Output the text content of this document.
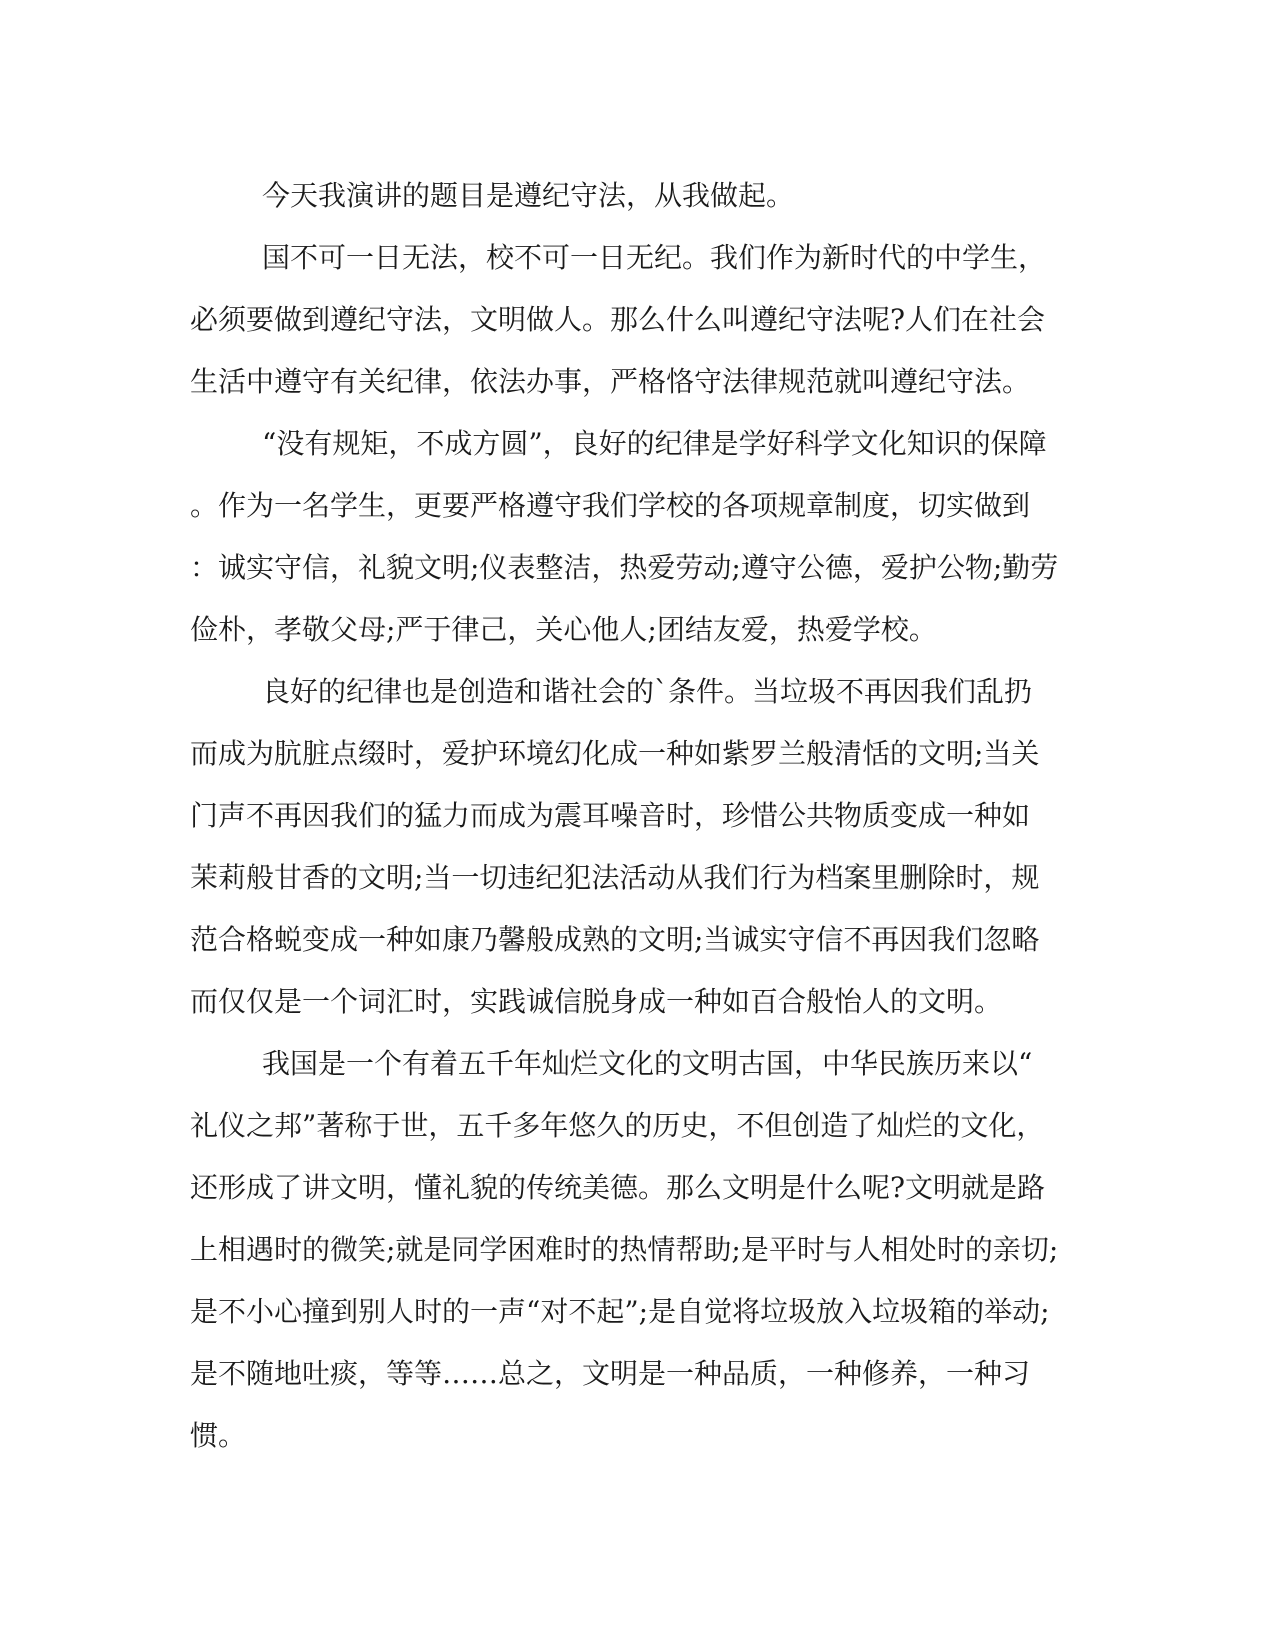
今天我演讲的题目是遵纪守法，从我做起。
国不可一日无法，校不可一日无纪。我们作为新时代的中学生，
必须要做到遵纪守法，文明做人。那么什么叫遵纪守法呢?人们在社会
生活中遵守有关纪律，依法办事，严格恪守法律规范就叫遵纪守法。
“没有规矩，不成方圆”，良好的纪律是学好科学文化知识的保障
。作为一名学生，更要严格遵守我们学校的各项规章制度，切实做到
：诚实守信，礼貌文明;仪表整洁，热爱劳动;遵守公德，爱护公物;勤劳
俭朴，孝敬父母;严于律己，关心他人;团结友爱，热爱学校。
良好的纪律也是创造和谐社会的`条件。当垃圾不再因我们乱扔
而成为肮脏点缀时，爱护环境幻化成一种如紫罗兰般清恬的文明;当关
门声不再因我们的猛力而成为震耳噪音时，珍惜公共物质变成一种如
茉莉般甘香的文明;当一切违纪犯法活动从我们行为档案里删除时，规
范合格蜕变成一种如康乃馨般成熟的文明;当诚实守信不再因我们忽略
而仅仅是一个词汇时，实践诚信脱身成一种如百合般怡人的文明。
我国是一个有着五千年灿烂文化的文明古国，中华民族历来以“
礼仪之邦”著称于世，五千多年悠久的历史，不但创造了灿烂的文化，
还形成了讲文明，懂礼貌的传统美德。那么文明是什么呢?文明就是路
上相遇时的微笑;就是同学困难时的热情帮助;是平时与人相处时的亲切;
是不小心撞到别人时的一声“对不起”;是自觉将垃圾放入垃圾箱的举动;
是不随地吐痰，等等……总之，文明是一种品质，一种修养，一种习
惯。
